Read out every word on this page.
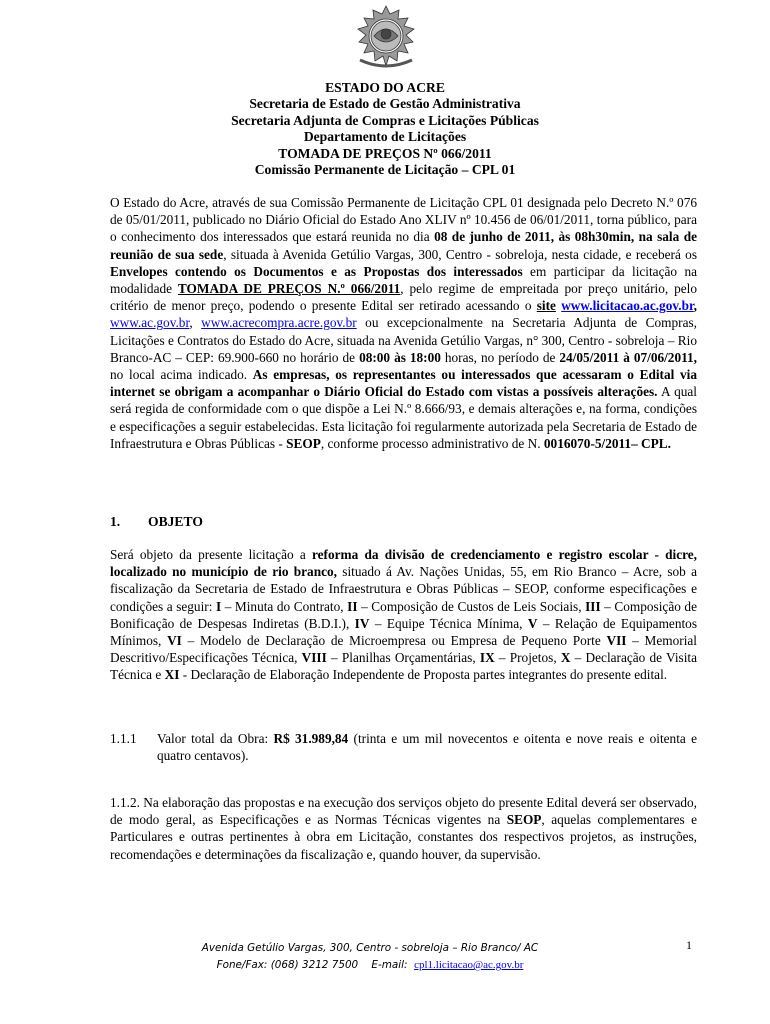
ESTADO DO ACRE
Secretaria de Estado de Gestão Administrativa
Secretaria Adjunta de Compras e Licitações Públicas
Departamento de Licitações
TOMADA DE PREÇOS Nº 066/2011
Comissão Permanente de Licitação – CPL 01
O Estado do Acre, através de sua Comissão Permanente de Licitação CPL 01 designada pelo Decreto N.º 076 de 05/01/2011, publicado no Diário Oficial do Estado Ano XLIV nº 10.456 de 06/01/2011, torna público, para o conhecimento dos interessados que estará reunida no dia 08 de junho de 2011, às 08h30min, na sala de reunião de sua sede, situada à Avenida Getúlio Vargas, 300, Centro - sobreloja, nesta cidade, e receberá os Envelopes contendo os Documentos e as Propostas dos interessados em participar da licitação na modalidade TOMADA DE PREÇOS N.º 066/2011, pelo regime de empreitada por preço unitário, pelo critério de menor preço, podendo o presente Edital ser retirado acessando o site www.licitacao.ac.gov.br, www.ac.gov.br, www.acrecompra.acre.gov.br ou excepcionalmente na Secretaria Adjunta de Compras, Licitações e Contratos do Estado do Acre, situada na Avenida Getúlio Vargas, n° 300, Centro - sobreloja – Rio Branco-AC – CEP: 69.900-660 no horário de 08:00 às 18:00 horas, no período de 24/05/2011 à 07/06/2011, no local acima indicado. As empresas, os representantes ou interessados que acessaram o Edital via internet se obrigam a acompanhar o Diário Oficial do Estado com vistas a possíveis alterações. A qual será regida de conformidade com o que dispõe a Lei N.º 8.666/93, e demais alterações e, na forma, condições e especificações a seguir estabelecidas. Esta licitação foi regularmente autorizada pela Secretaria de Estado de Infraestrutura e Obras Públicas - SEOP, conforme processo administrativo de N. 0016070-5/2011– CPL.
1. OBJETO
Será objeto da presente licitação a reforma da divisão de credenciamento e registro escolar - dicre, localizado no município de rio branco, situado á Av. Nações Unidas, 55, em Rio Branco – Acre, sob a fiscalização da Secretaria de Estado de Infraestrutura e Obras Públicas – SEOP, conforme especificações e condições a seguir: I – Minuta do Contrato, II – Composição de Custos de Leis Sociais, III – Composição de Bonificação de Despesas Indiretas (B.D.I.), IV – Equipe Técnica Mínima, V – Relação de Equipamentos Mínimos, VI – Modelo de Declaração de Microempresa ou Empresa de Pequeno Porte VII – Memorial Descritivo/Especificações Técnica, VIII – Planilhas Orçamentárias, IX – Projetos, X – Declaração de Visita Técnica e XI - Declaração de Elaboração Independente de Proposta partes integrantes do presente edital.
1.1.1 Valor total da Obra: R$ 31.989,84 (trinta e um mil novecentos e oitenta e nove reais e oitenta e quatro centavos).
1.1.2. Na elaboração das propostas e na execução dos serviços objeto do presente Edital deverá ser observado, de modo geral, as Especificações e as Normas Técnicas vigentes na SEOP, aquelas complementares e Particulares e outras pertinentes à obra em Licitação, constantes dos respectivos projetos, as instruções, recomendações e determinações da fiscalização e, quando houver, da supervisão.
Avenida Getúlio Vargas, 300, Centro - sobreloja – Rio Branco/ AC
Fone/Fax: (068) 3212 7500 E-mail: cpl1.licitacao@ac.gov.br
1
